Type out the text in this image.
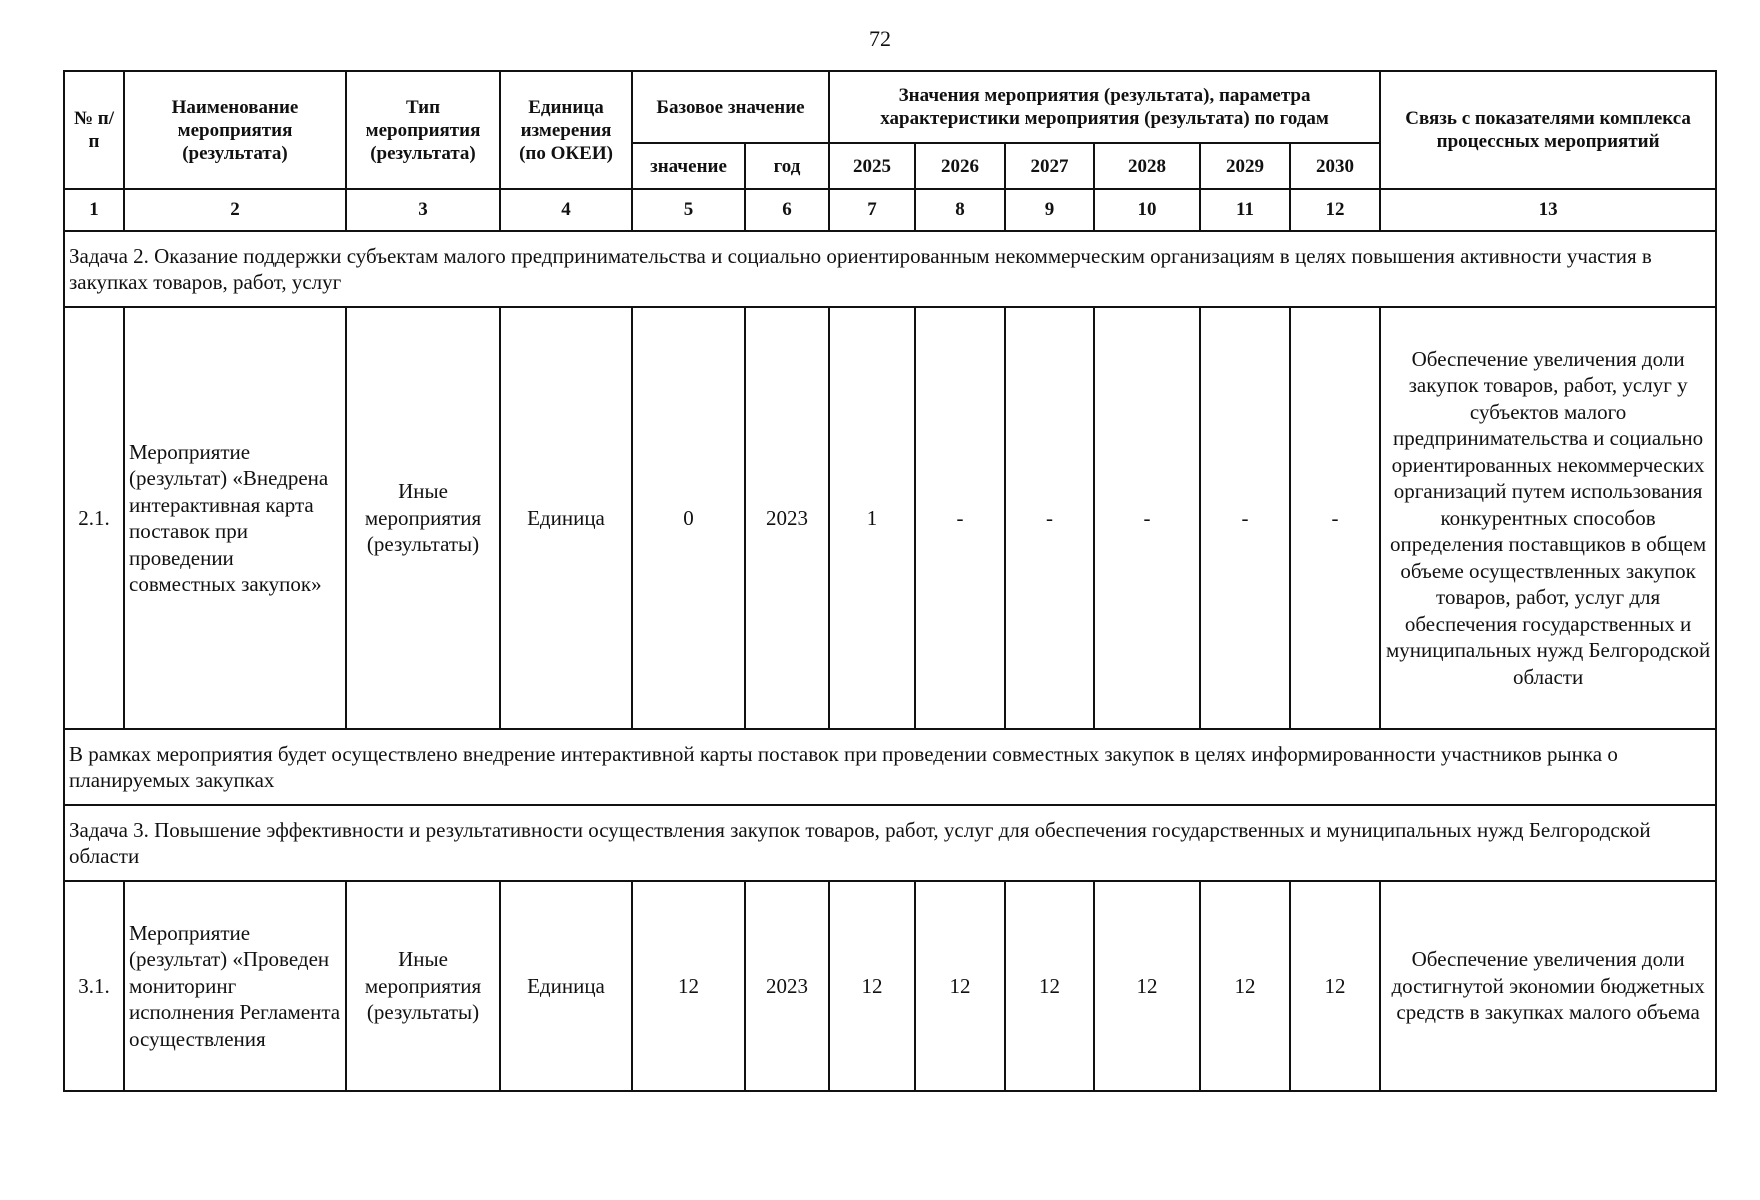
72
№ п/п	Наименование мероприятия (результата)	Тип мероприятия (результата)	Единица измерения (по ОКЕИ)	Базовое значение		Значения мероприятия (результата), параметра характеристики мероприятия (результата) по годам						Связь с показателями комплекса процессных мероприятий
				значение	год	2025	2026	2027	2028	2029	2030	
1	2	3	4	5	6	7	8	9	10	11	12	13
Задача 2. Оказание поддержки субъектам малого предпринимательства и социально ориентированным некоммерческим организациям в целях повышения активности участия в закупках товаров, работ, услуг												
2.1.	Мероприятие (результат) «Внедрена интерактивная карта поставок при проведении совместных закупок»	Иные мероприятия (результаты)	Единица	0	2023	1	-	-	-	-	-	Обеспечение увеличения доли закупок товаров, работ, услуг у субъектов малого предпринимательства и социально ориентированных некоммерческих организаций путем использования конкурентных способов определения поставщиков в общем объеме осуществленных закупок товаров, работ, услуг для обеспечения государственных и муниципальных нужд Белгородской области
В рамках мероприятия будет осуществлено внедрение интерактивной карты поставок при проведении совместных закупок в целях информированности участников рынка о планируемых закупках												
Задача 3. Повышение эффективности и результативности осуществления закупок товаров, работ, услуг для обеспечения государственных и муниципальных нужд Белгородской области												
3.1.	Мероприятие (результат) «Проведен мониторинг исполнения Регламента осуществления	Иные мероприятия (результаты)	Единица	12	2023	12	12	12	12	12	12	Обеспечение увеличения доли достигнутой экономии бюджетных средств в закупках малого объема
